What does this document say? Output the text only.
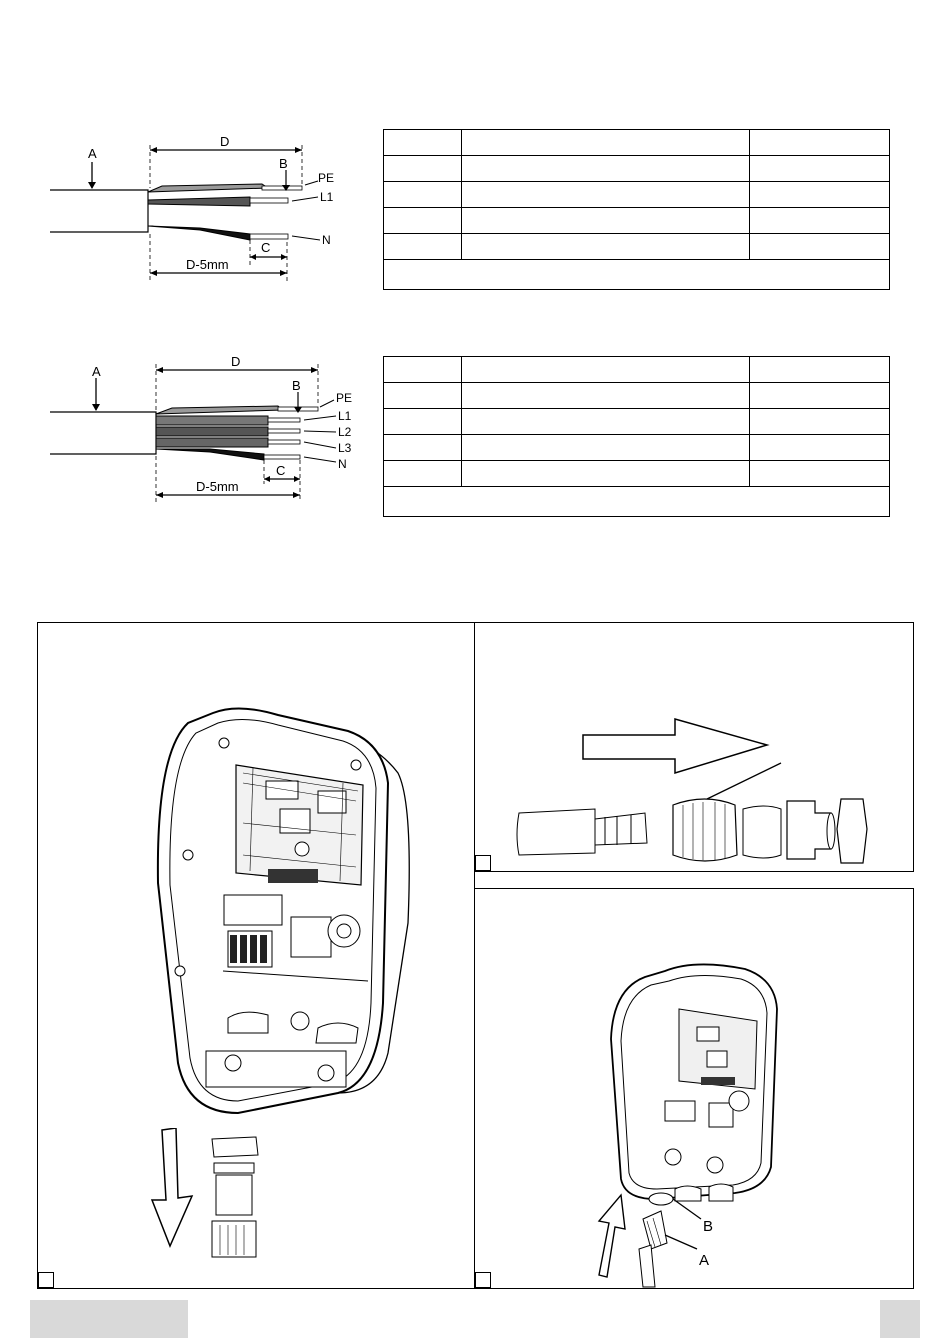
A
D
B
PE
L1
N
C
D-5mm

A
D
B
PE
L1
L2
L3
N
C
D-5mm

B
A
